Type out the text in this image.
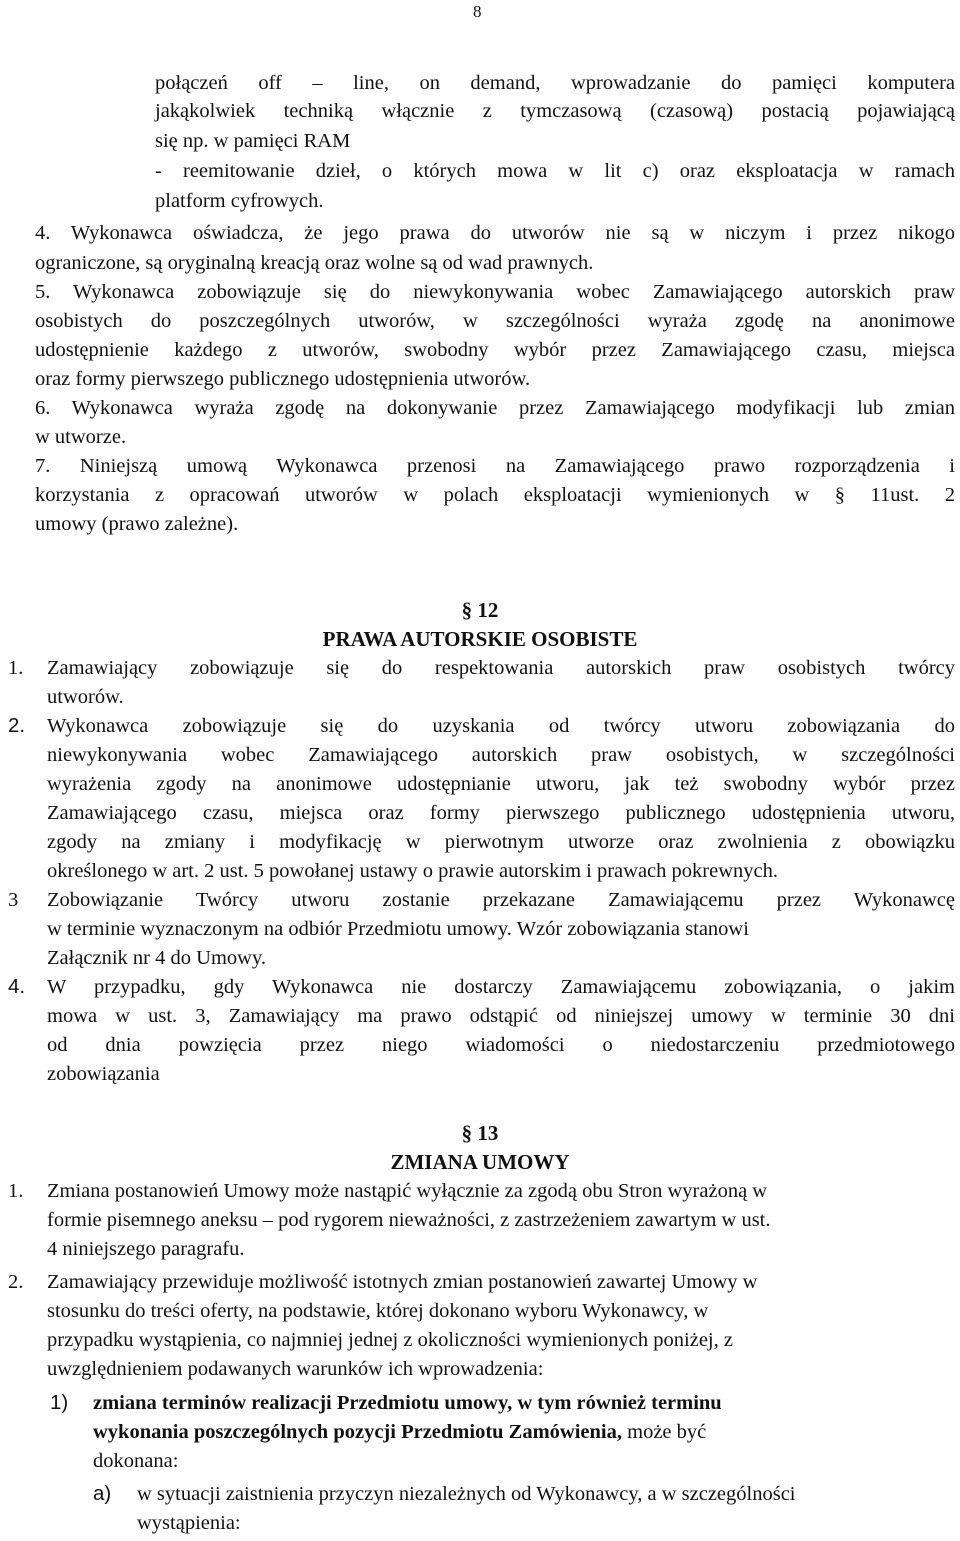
8
połączeń off – line, on demand, wprowadzanie do pamięci komputera
jakąkolwiek techniką włącznie z tymczasową (czasową) postacią pojawiającą
się np. w pamięci RAM
- reemitowanie dzieł, o których mowa w lit c) oraz eksploatacja w ramach
platform cyfrowych.
4. Wykonawca oświadcza, że jego prawa do utworów nie są w niczym i przez nikogo
ograniczone, są oryginalną kreacją oraz wolne są od wad prawnych.
5. Wykonawca zobowiązuje się do niewykonywania wobec Zamawiającego autorskich praw
osobistych do poszczególnych utworów, w szczególności wyraża zgodę na anonimowe
udostępnienie każdego z utworów, swobodny wybór przez Zamawiającego czasu, miejsca
oraz formy pierwszego publicznego udostępnienia utworów.
6. Wykonawca wyraża zgodę na dokonywanie przez Zamawiającego modyfikacji lub zmian
w utworze.
7. Niniejszą umową Wykonawca przenosi na Zamawiającego prawo rozporządzenia i
korzystania z opracowań utworów w polach eksploatacji wymienionych w § 11ust. 2
umowy (prawo zależne).
§ 12
PRAWA AUTORSKIE OSOBISTE
1. Zamawiający zobowiązuje się do respektowania autorskich praw osobistych twórcy
utworów.
2. Wykonawca zobowiązuje się do uzyskania od twórcy utworu zobowiązania do
niewykonywania wobec Zamawiającego autorskich praw osobistych, w szczególności
wyrażenia zgody na anonimowe udostępnianie utworu, jak też swobodny wybór przez
Zamawiającego czasu, miejsca oraz formy pierwszego publicznego udostępnienia utworu,
zgody na zmiany i modyfikację w pierwotnym utworze oraz zwolnienia z obowiązku
określonego w art. 2 ust. 5 powołanej ustawy o prawie autorskim i prawach pokrewnych.
3 Zobowiązanie Twórcy utworu zostanie przekazane Zamawiającemu przez Wykonawcę
w terminie wyznaczonym na odbiór Przedmiotu umowy. Wzór zobowiązania stanowi
Załącznik nr 4 do Umowy.
4. W przypadku, gdy Wykonawca nie dostarczy Zamawiającemu zobowiązania, o jakim
mowa w ust. 3, Zamawiający ma prawo odstąpić od niniejszej umowy w terminie 30 dni
od dnia powzięcia przez niego wiadomości o niedostarczeniu przedmiotowego
zobowiązania
§ 13
ZMIANA UMOWY
1. Zmiana postanowień Umowy może nastąpić wyłącznie za zgodą obu Stron wyrażoną w
formie pisemnego aneksu – pod rygorem nieważności, z zastrzeżeniem zawartym w ust.
4 niniejszego paragrafu.
2. Zamawiający przewiduje możliwość istotnych zmian postanowień zawartej Umowy w
stosunku do treści oferty, na podstawie, której dokonano wyboru Wykonawcy, w
przypadku wystąpienia, co najmniej jednej z okoliczności wymienionych poniżej, z
uwzględnieniem podawanych warunków ich wprowadzenia:
1) zmiana terminów realizacji Przedmiotu umowy, w tym również terminu
wykonania poszczególnych pozycji Przedmiotu Zamówienia, może być
dokonana:
a) w sytuacji zaistnienia przyczyn niezależnych od Wykonawcy, a w szczególności
wystąpienia:
